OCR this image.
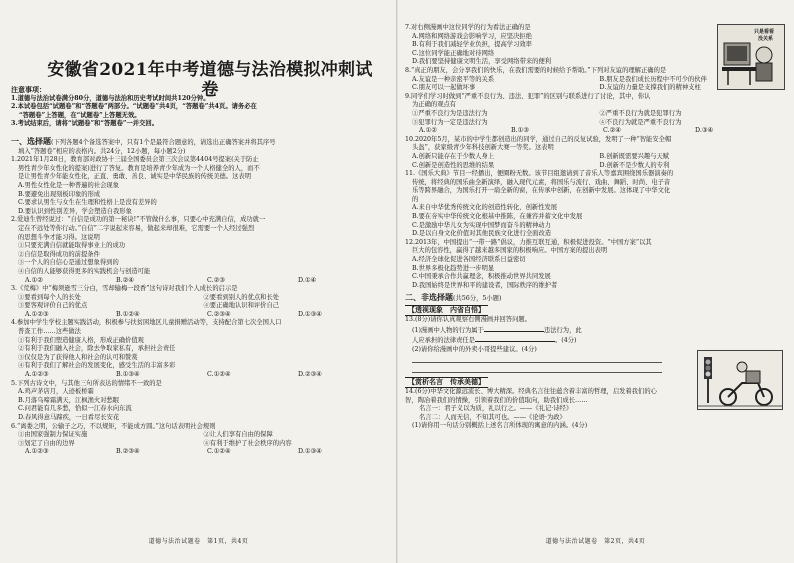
安徽省2021年中考道德与法治模拟冲刺试卷
注意事项：

1.道德与法治试卷满分80分，道德与法治和历史考试时间共120分钟。

2.本试卷包括“试题卷”和“答题卷”两部分。“试题卷”共4页，“答题卷”共4页。请务必在

“答题卷”上答题，在“试题卷”上答题无效。

3.考试结束后，请将“试题卷”和“答题卷”一并交回。

一、选择题(下列各题4个备选答案中，只有1个是最符合题意的，请选出正确答案并将其序号
填入“答题卷”相应的表格内。共24分，12小题，每小题2分)
1.2021年1月28日，教育部对政协十三届全国委员会第三次会议第4404号提案(关于防止
男性青少年女性化的提案)进行了答复。教育是培养青少年成为一个人格健全的人，而不
是让男性青少年能女性化，正直、勇敢、善良、诚实是中华民族的传统美德。这表明
A.男性女性化是一种普遍的社会现象
B.要避免出现刻板印象的形成
C.要求认男生与女生在生理和性格上是没有差异的
D.要认识到性别差异，学会塑造自我形象
2.爱迪生曾经说过：“自信是成功的第一秘诀!”不管做什么事，只要心中充满自信，成功就一
定在不远处等你行动。”自信”二字说起来容易，做起来却很难，它需要一个人经过强烈
的思想斗争才能习得。这说明
①只要充满自信就能取得事业上的成功
②自信是取得成功的前提条件
③一个人的自信心是通过想象得到的
④自信的人能够获得更多的实践机会与创造可能
A.①②	B.②④	C.②③	D.①④
3.《荒梅》中“梅须逊雪三分白，雪却输梅一段香”这句诗对我们个人成长的启示是
①要看到每个人的长处	②要看到别人的优点和长处
③要客观评价自己的优点	④要正确地认识和评价自己
A.①②③	B.①②④	C.②③④	D.①③④
4.参加中学生学校主题实践活动，积极参与扶贫困地区儿童捐赠活动等，支持配合第七次全国人口
普查工作……这些做法
①有利于我们塑造健康人格，形成正确价值观
②有利于我们融入社会，除去争取家私有，承担社会责任
③仅仅是为了获得他人和社会的认可和赞赏
④有利于我们了解社会的发展变化，感受生活的丰富多彩
A.①②③	B.①③④	C.①②④	D.②③④
5.下列古诗文中，与其他三句所表达的情绪不一致的是
A.鸡声茅店月，人迹板桥霜
B.月落乌啼霜满天，江枫渔火对愁眠
C.问君能有几多愁，恰似一江春水向东流
D.春风得意马蹄疾，一日看尽长安花
6.“离娄之明，公输子之巧，不以规矩，不能成方圆。”这句话表明社会规则
①由国家强制力保证实施	②让人们享有自由的保障
③划定了自由的边界	④有利于维护了社会秩序的内容
A.①②③	B.②③④	C.①②④	D.①③④
道德与法治试题卷　第1页，共4页
7.对右侧漫画中这位同学的行为看法正确的是
A.网络和网络游戏会影响学习，应坚决拒绝
B.有利于我们减轻学业负担，提高学习效率
C.这位同学能正确地对待网络
D.我们要坚持健康文明生活，享受网络带来的便利
8.“真正的朋友，会分享我们的快乐，在我们需要的时候给予帮助。”下列对友谊的理解正确的是
A.友谊是一种亲密平等的关系	B.朋友是我们成长历程中不可少的伙伴
C.朋友可以一起做坏事	D.友谊的力量是支撑我们的精神支柱
9.同学们学习时做到“严重不良行为、违法、犯罪”的区别与联系进行了讨论，其中，你认
为正确的观点有
①严重不良行为是违法行为	②严重不良行为就是犯罪行为
③犯罪行为一定是违法行为	④不良行为就是严重不良行为
A.①②	B.①③	C.②④	D.③④
10.2020年5月，某市的中学生都创造出的同学，通过自己的反复试验，发明了一种“智能安全帽
头盔”，获家级青少年科技创新大赛一等奖。这表明
A.创新只能存在于少数人身上	B.创新既需要兴趣与天赋
C.创新是创造性的思维的结果	D.创新不是少数人的专利
11.《国乐大典》节目一经播出，便圈粉无数。该节目组邀请到了音乐人等嘉宾围绕国乐器演奏的
传统，将经典的国乐曲全新演绎，融入现代元素，将国乐与流行、戏曲、舞蹈、时尚、电子音
乐等跨界融合，为国乐打开一扇全新的窗，在传承中创新，在创新中发展。这体现了中华文化
的
A.来自中华优秀传统文化的创造性转化、创新性发展
B.要在夯实中华传统文化根基中推陈，在兼容并蓄文化中发展
C.是激励中华儿女为实现中国梦而奋斗的精神动力
D.是以自身文化价值对其他民族文化进行全面改造
12.2013年，中国提出“一带一路”倡议，力推互联互通，积极促进投资。“中国方案”以其
巨大的包容性，赢得了越来越多国家的积极响应。中国方案的提出表明
A.经济全球化促进各国经济联系日益密切
B.世界多极化趋势进一步明显
C.中国秉承合作共赢理念，积极推动世界共同发展
D.我国始终是世界和平的建设者，国际秩序的维护者
二、非选择题(共56分，5小题)
【透视现象　内省自悟】
13.(8分)请你认真观察右侧漫画并回答问题。
(1)漫画中人物的行为属于	违法行为，此
人应承担的法律责任是	。(4分)
(2)请你给漫画中的外卖小哥提些建议。(4分)
【赏析名言　传承美德】
14.(6分)中华文化源远流长、博大精深。经典名言往往蕴含着丰富的哲理，启发着我们的心
智，陶冶着我们的情操，引领着我们的价值取向，助我们成长……
名言一：君子义以为质，礼以行之。——《礼记·诗经》
名言二：人而无信，不知其可也。——《论语·为政》
(1)请你用一句话分别概括上述名言所体现的寓意的内涵。(4分)
只是看看
没关系
道德与法治试题卷　第2页，共4页
